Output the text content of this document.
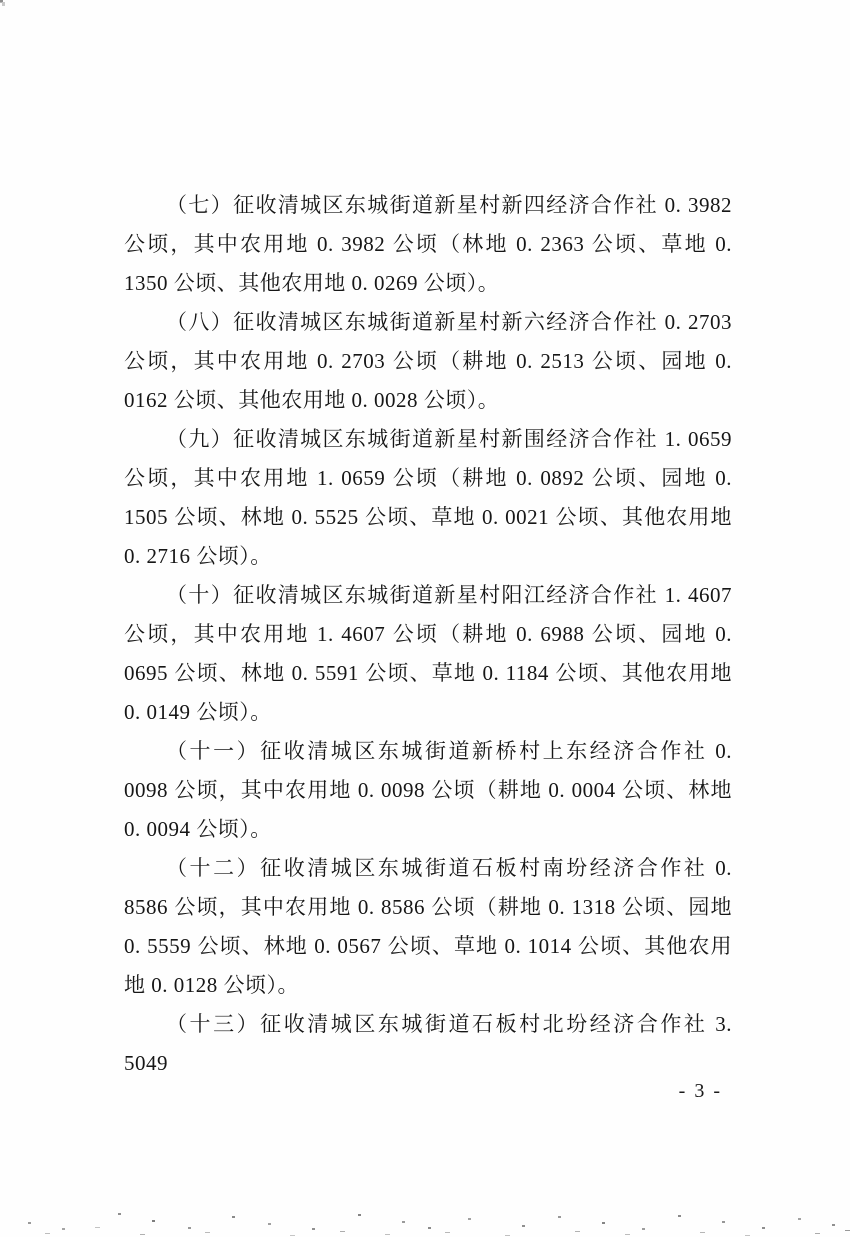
（七）征收清城区东城街道新星村新四经济合作社 0. 3982 公顷，其中农用地 0. 3982 公顷（林地 0. 2363 公顷、草地 0. 1350 公顷、其他农用地 0. 0269 公顷）。

（八）征收清城区东城街道新星村新六经济合作社 0. 2703 公顷，其中农用地 0. 2703 公顷（耕地 0. 2513 公顷、园地 0. 0162 公顷、其他农用地 0. 0028 公顷）。

（九）征收清城区东城街道新星村新围经济合作社 1. 0659 公顷，其中农用地 1. 0659 公顷（耕地 0. 0892 公顷、园地 0. 1505 公顷、林地 0. 5525 公顷、草地 0. 0021 公顷、其他农用地 0. 2716 公顷）。

（十）征收清城区东城街道新星村阳江经济合作社 1. 4607 公顷，其中农用地 1. 4607 公顷（耕地 0. 6988 公顷、园地 0. 0695 公顷、林地 0. 5591 公顷、草地 0. 1184 公顷、其他农用地 0. 0149 公顷）。

（十一）征收清城区东城街道新桥村上东经济合作社 0. 0098 公顷，其中农用地 0. 0098 公顷（耕地 0. 0004 公顷、林地 0. 0094 公顷）。

（十二）征收清城区东城街道石板村南坋经济合作社 0. 8586 公顷，其中农用地 0. 8586 公顷（耕地 0. 1318 公顷、园地 0. 5559 公顷、林地 0. 0567 公顷、草地 0. 1014 公顷、其他农用地 0. 0128 公顷）。

（十三）征收清城区东城街道石板村北坋经济合作社 3. 5049

- 3 -
